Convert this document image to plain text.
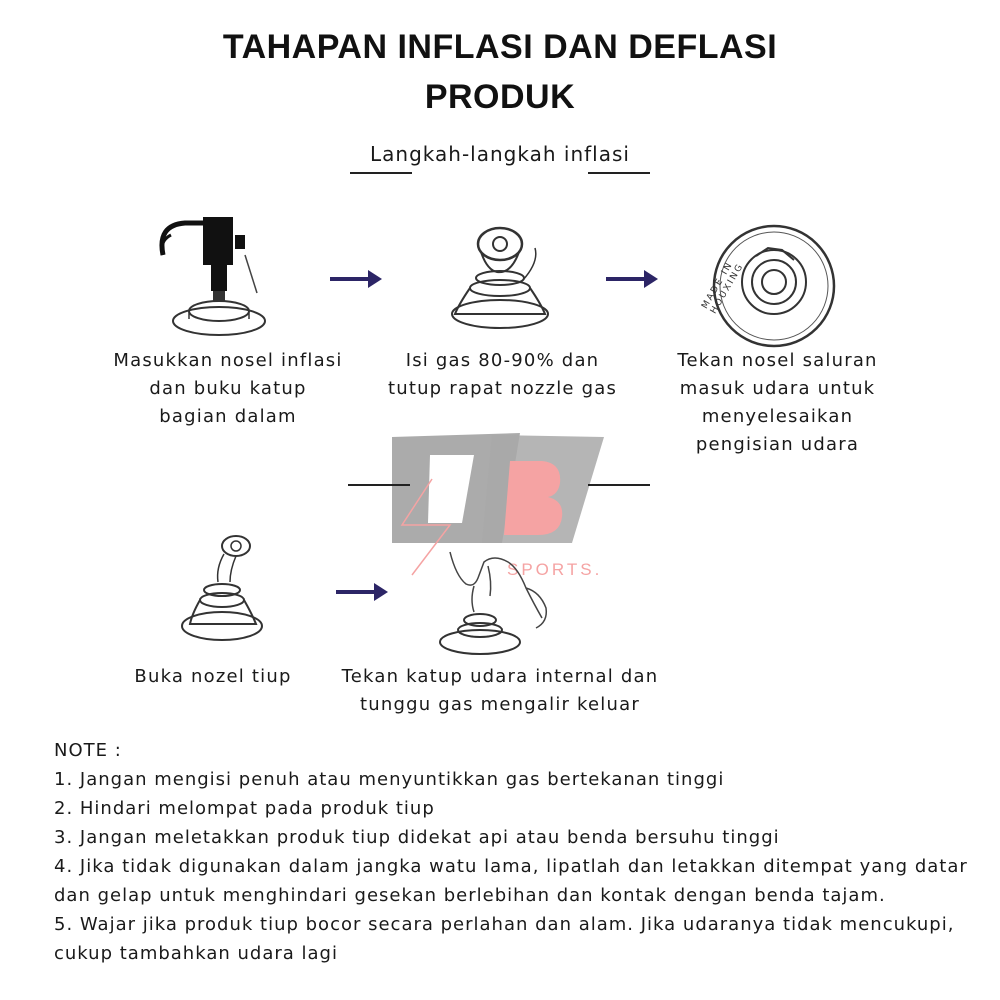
TAHAPAN INFLASI DAN DEFLASI
PRODUK
Langkah-langkah inflasi
SPORTS.
MADE IN HOUXING
Masukkan nosel inflasi
dan buku katup
bagian dalam
Isi gas 80-90% dan
tutup rapat nozzle gas
Tekan nosel saluran
masuk udara untuk
menyelesaikan
pengisian udara
Buka nozel tiup	Tekan katup udara internal dan
tunggu gas mengalir keluar

NOTE :

1. Jangan mengisi penuh atau menyuntikkan gas bertekanan tinggi

2. Hindari melompat pada produk tiup

3. Jangan meletakkan produk tiup didekat api atau benda bersuhu tinggi

4. Jika tidak digunakan dalam jangka watu lama, lipatlah dan letakkan ditempat yang datar dan gelap untuk menghindari gesekan berlebihan dan kontak dengan benda tajam.

5. Wajar jika produk tiup bocor secara perlahan dan alam. Jika udaranya tidak mencukupi, cukup tambahkan udara lagi
